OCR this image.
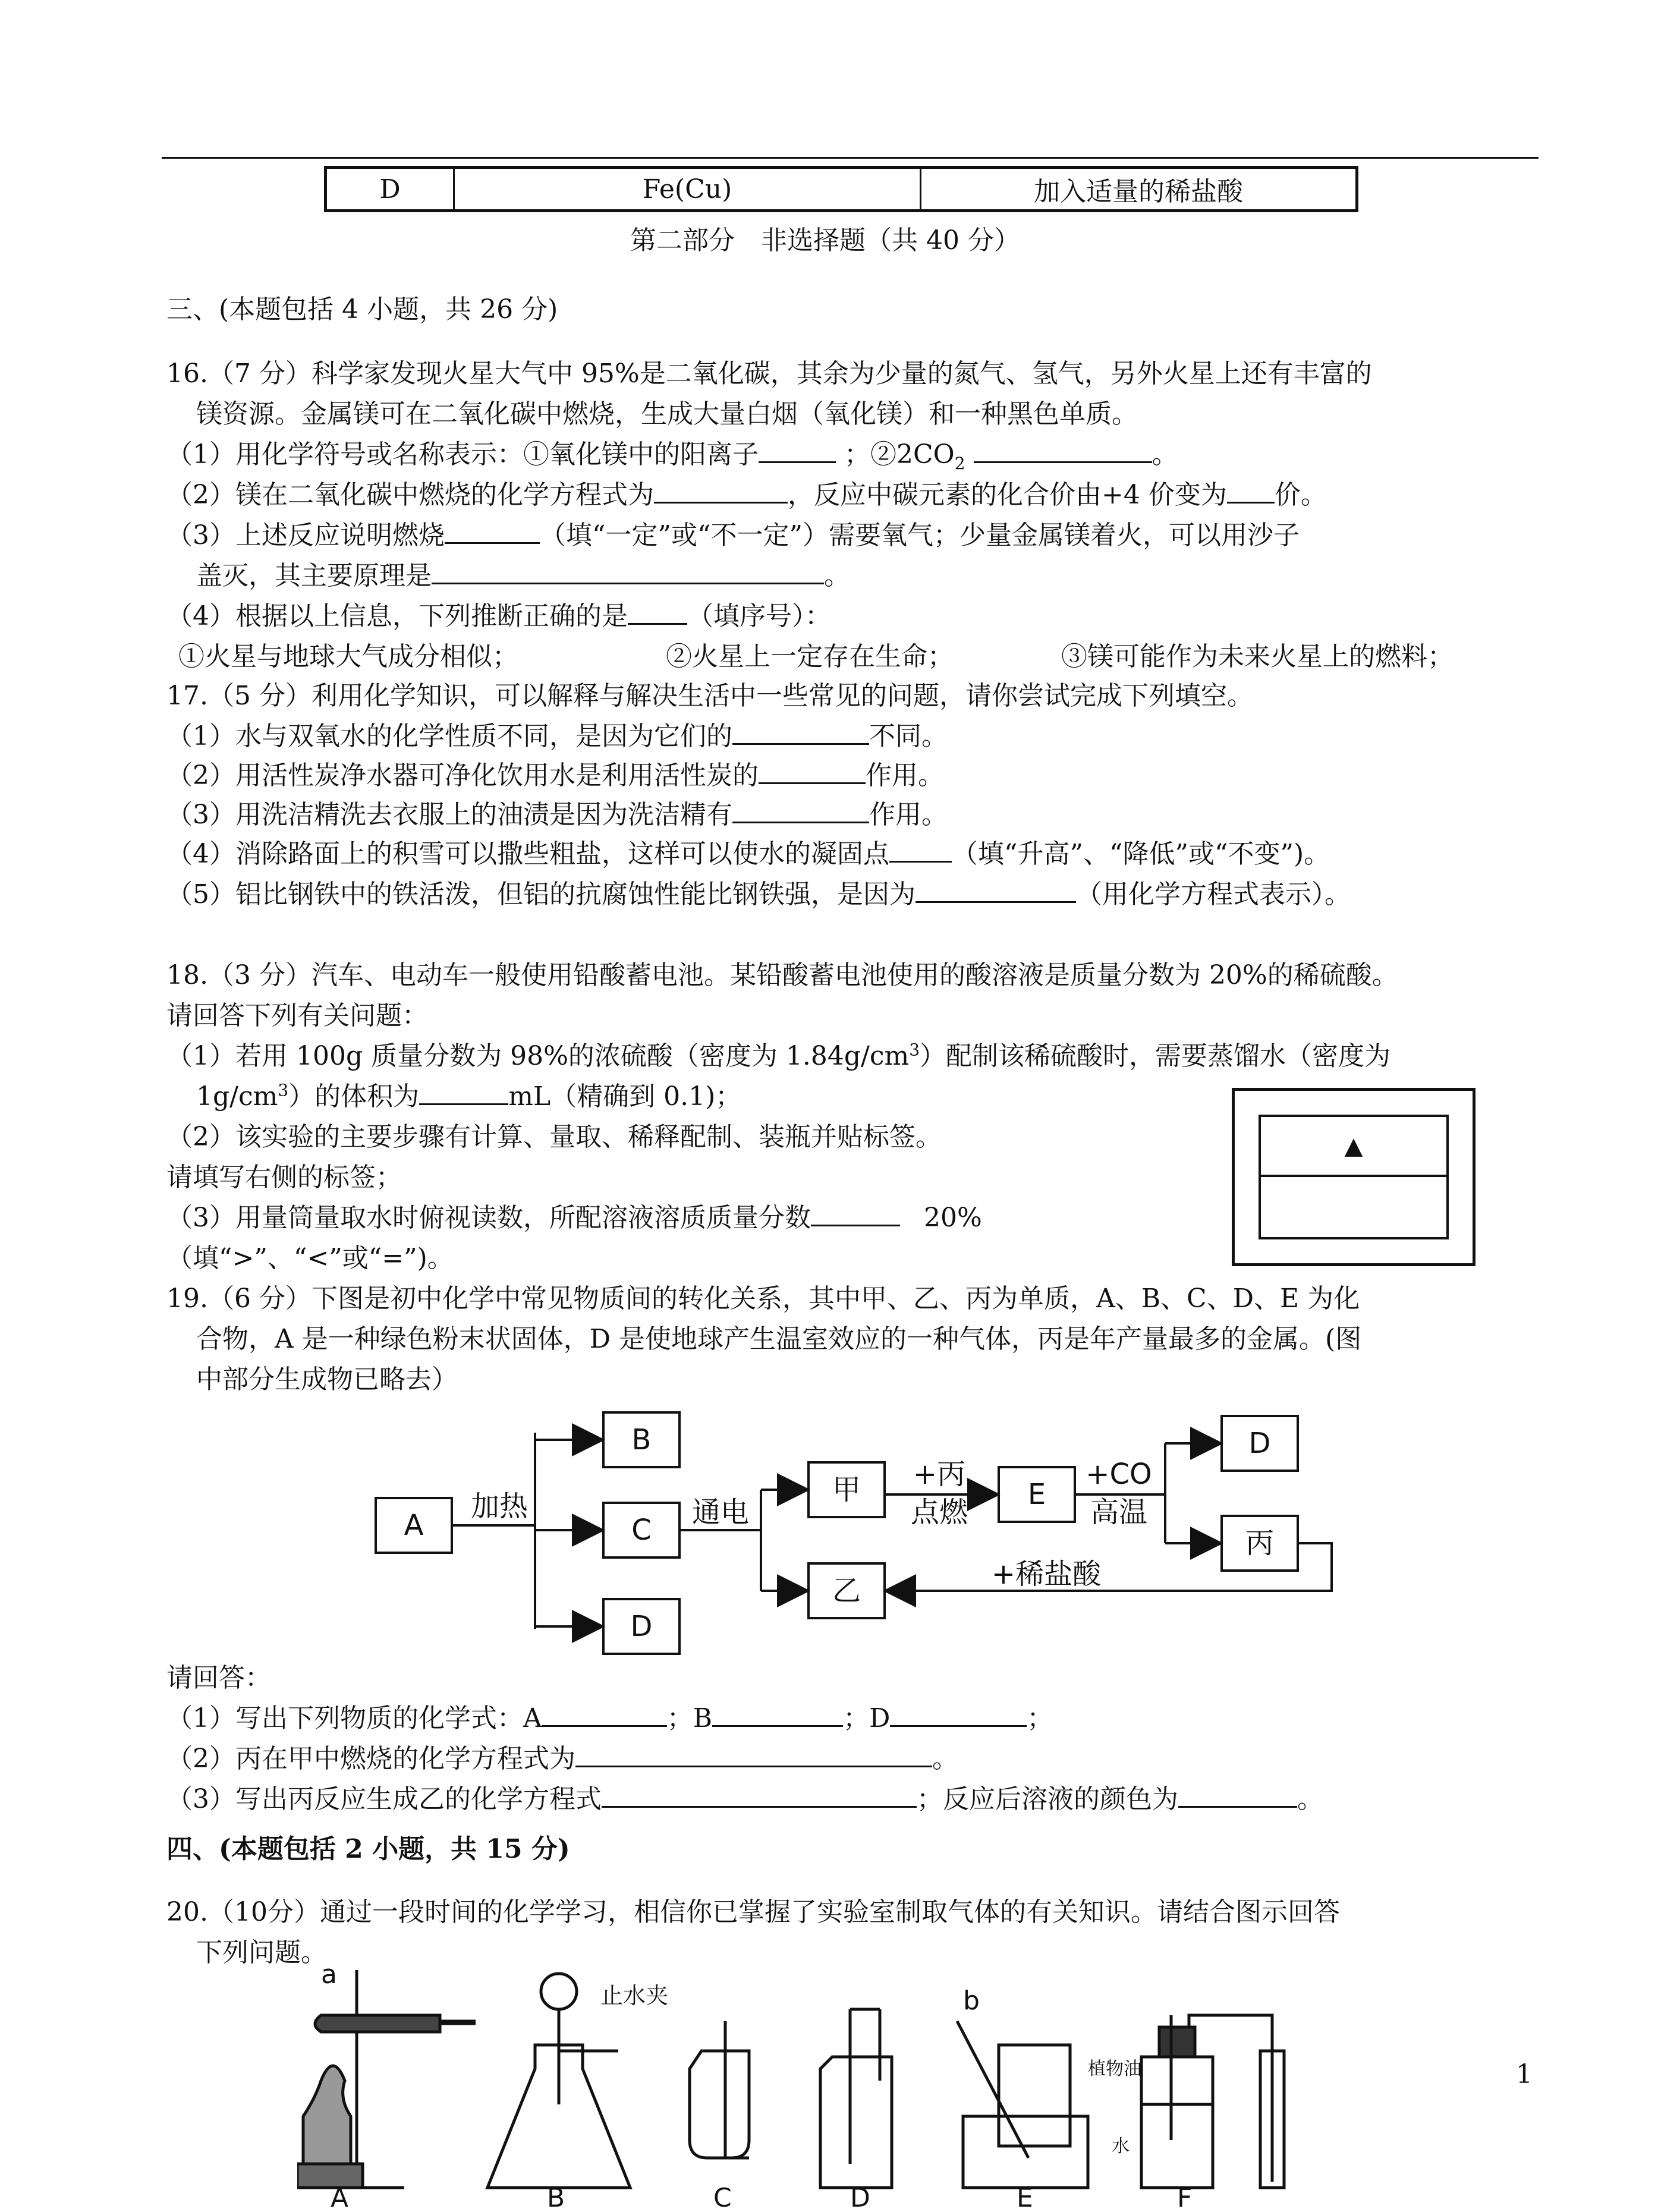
D	Fe(Cu)	加入适量的稀盐酸
第二部分　非选择题（共 40 分）
三、(本题包括 4 小题，共 26 分)
16.（7 分）科学家发现火星大气中 95%是二氧化碳，其余为少量的氮气、氢气，另外火星上还有丰富的
镁资源。金属镁可在二氧化碳中燃烧，生成大量白烟（氧化镁）和一种黑色单质。
（1）用化学符号或名称表示：①氧化镁中的阳离子	；$②2CO_2$	。
（2）镁在二氧化碳中燃烧的化学方程式为	，反应中碳元素的化合价由+4 价变为 价。
（3）上述反应说明燃烧	（填“一定”或“不一定”）需要氧气；少量金属镁着火，可以用沙子
盖灭，其主要原理是	。
（4）根据以上信息，下列推断正确的是 （填序号）：
①火星与地球大气成分相似；	②火星上一定存在生命；	③镁可能作为未来火星上的燃料；
17.（5 分）利用化学知识，可以解释与解决生活中一些常见的问题，请你尝试完成下列填空。
（1）水与双氧水的化学性质不同，是因为它们的	不同。
（2）用活性炭净水器可净化饮用水是利用活性炭的	作用。
（3）用洗洁精洗去衣服上的油渍是因为洗洁精有	作用。
（4）消除路面上的积雪可以撒些粗盐，这样可以使水的凝固点 （填“升高”、“降低”或“不变”)。
（5）铝比钢铁中的铁活泼，但铝的抗腐蚀性能比钢铁强，是因为	（用化学方程式表示）。
18.（3 分）汽车、电动车一般使用铅酸蓄电池。某铅酸蓄电池使用的酸溶液是质量分数为 20%的稀硫酸。
请回答下列有关问题：
（1）若用 100g 质量分数为 98%的浓硫酸（密度为 $1.84g/cm^3$）配制该稀硫酸时，需要蒸馏水（密度为
$1g/cm^3$）的体积为	mL（精确到 0.1)；
（2）该实验的主要步骤有计算、量取、稀释配制、装瓶并贴标签。
请填写右侧的标签；
（3）用量筒量取水时俯视读数，所配溶液溶质质量分数	20%
（填“>”、“<”或“=”)。
▲
19.（6 分）下图是初中化学中常见物质间的转化关系，其中甲、乙、丙为单质，A、B、C、D、E 为化
合物，A 是一种绿色粉末状固体，D 是使地球产生温室效应的一种气体，丙是年产量最多的金属。(图
中部分生成物已略去）
A
B
C
D
甲
乙
E
D
丙
加热	通电
+丙
点燃
+CO
高温
+稀盐酸
请回答：
（1）写出下列物质的化学式：A	；B	；D	；
（2）丙在甲中燃烧的化学方程式为	。
（3）写出丙反应生成乙的化学方程式	；反应后溶液的颜色为	。
四、(本题包括 2 小题，共 15 分)
20.（10分）通过一段时间的化学学习，相信你已掌握了实验室制取气体的有关知识。请结合图示回答
下列问题。
a
b
止水夹
植物油
水
A	B	C	D	E	F
1
